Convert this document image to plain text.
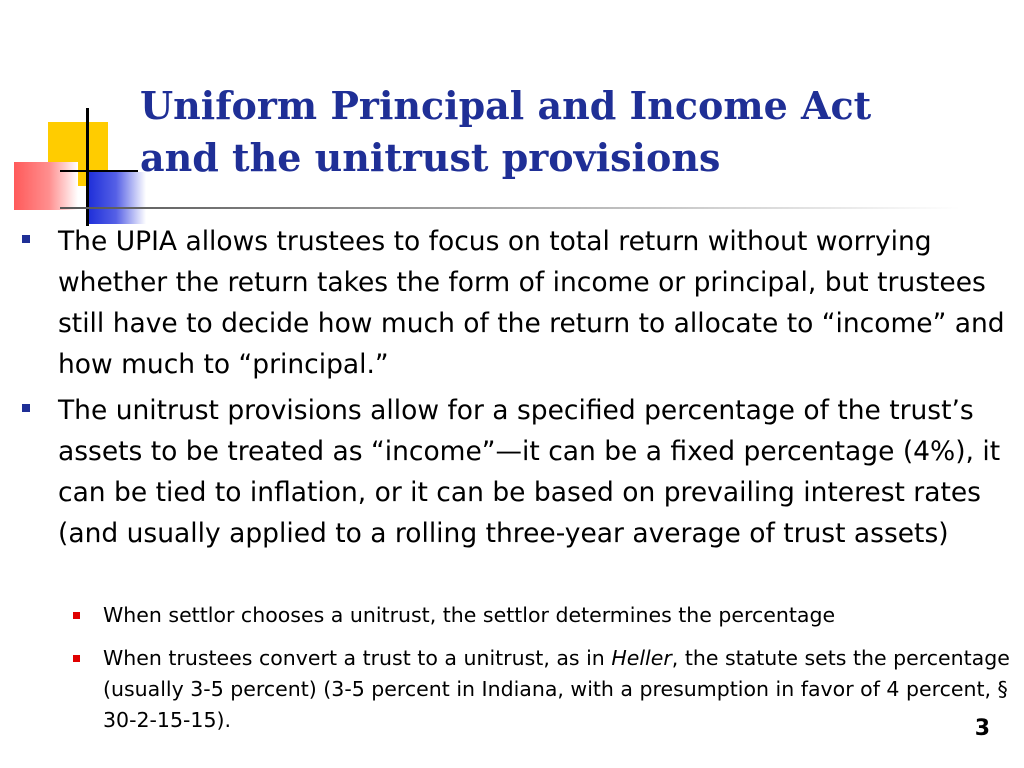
Uniform Principal and Income Act
and the unitrust provisions
The UPIA allows trustees to focus on total return without worrying whether the return takes the form of income or principal, but trustees still have to decide how much of the return to allocate to “income” and how much to “principal.”
The unitrust provisions allow for a specified percentage of the trust’s assets to be treated as “income”—it can be a fixed percentage (4%), it can be tied to inflation, or it can be based on prevailing interest rates (and usually applied to a rolling three-year average of trust assets)
When settlor chooses a unitrust, the settlor determines the percentage
When trustees convert a trust to a unitrust, as in Heller, the statute sets the percentage (usually 3-5 percent) (3-5 percent in Indiana, with a presumption in favor of 4 percent, § 30-2-15-15).	3
